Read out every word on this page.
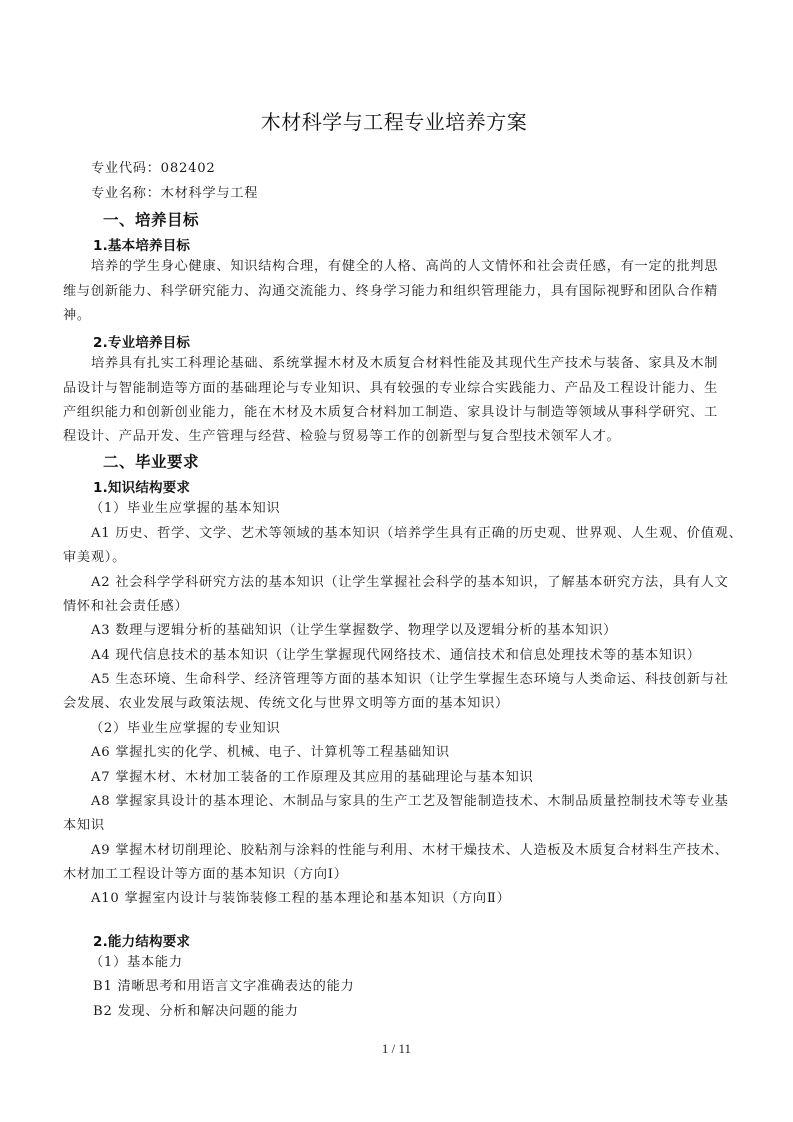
木材科学与工程专业培养方案
专业代码：082402
专业名称：木材科学与工程
一、培养目标
1.基本培养目标
培养的学生身心健康、知识结构合理，有健全的人格、高尚的人文情怀和社会责任感，有一定的批判思
维与创新能力、科学研究能力、沟通交流能力、终身学习能力和组织管理能力，具有国际视野和团队合作精
神。
2.专业培养目标
培养具有扎实工科理论基础、系统掌握木材及木质复合材料性能及其现代生产技术与装备、家具及木制
品设计与智能制造等方面的基础理论与专业知识、具有较强的专业综合实践能力、产品及工程设计能力、生
产组织能力和创新创业能力，能在木材及木质复合材料加工制造、家具设计与制造等领域从事科学研究、工
程设计、产品开发、生产管理与经营、检验与贸易等工作的创新型与复合型技术领军人才。
二、毕业要求
1.知识结构要求
（1）毕业生应掌握的基本知识
A1 历史、哲学、文学、艺术等领域的基本知识（培养学生具有正确的历史观、世界观、人生观、价值观、
审美观）。
A2 社会科学学科研究方法的基本知识（让学生掌握社会科学的基本知识，了解基本研究方法，具有人文
情怀和社会责任感）
A3 数理与逻辑分析的基础知识（让学生掌握数学、物理学以及逻辑分析的基本知识）
A4 现代信息技术的基本知识（让学生掌握现代网络技术、通信技术和信息处理技术等的基本知识）
A5 生态环境、生命科学、经济管理等方面的基本知识（让学生掌握生态环境与人类命运、科技创新与社
会发展、农业发展与政策法规、传统文化与世界文明等方面的基本知识）
（2）毕业生应掌握的专业知识
A6 掌握扎实的化学、机械、电子、计算机等工程基础知识
A7 掌握木材、木材加工装备的工作原理及其应用的基础理论与基本知识
A8 掌握家具设计的基本理论、木制品与家具的生产工艺及智能制造技术、木制品质量控制技术等专业基
本知识
A9 掌握木材切削理论、胶粘剂与涂料的性能与利用、木材干燥技术、人造板及木质复合材料生产技术、
木材加工工程设计等方面的基本知识（方向Ⅰ）
A10 掌握室内设计与装饰装修工程的基本理论和基本知识（方向Ⅱ）
2.能力结构要求
（1）基本能力
B1 清晰思考和用语言文字准确表达的能力
B2 发现、分析和解决问题的能力
1 / 11
